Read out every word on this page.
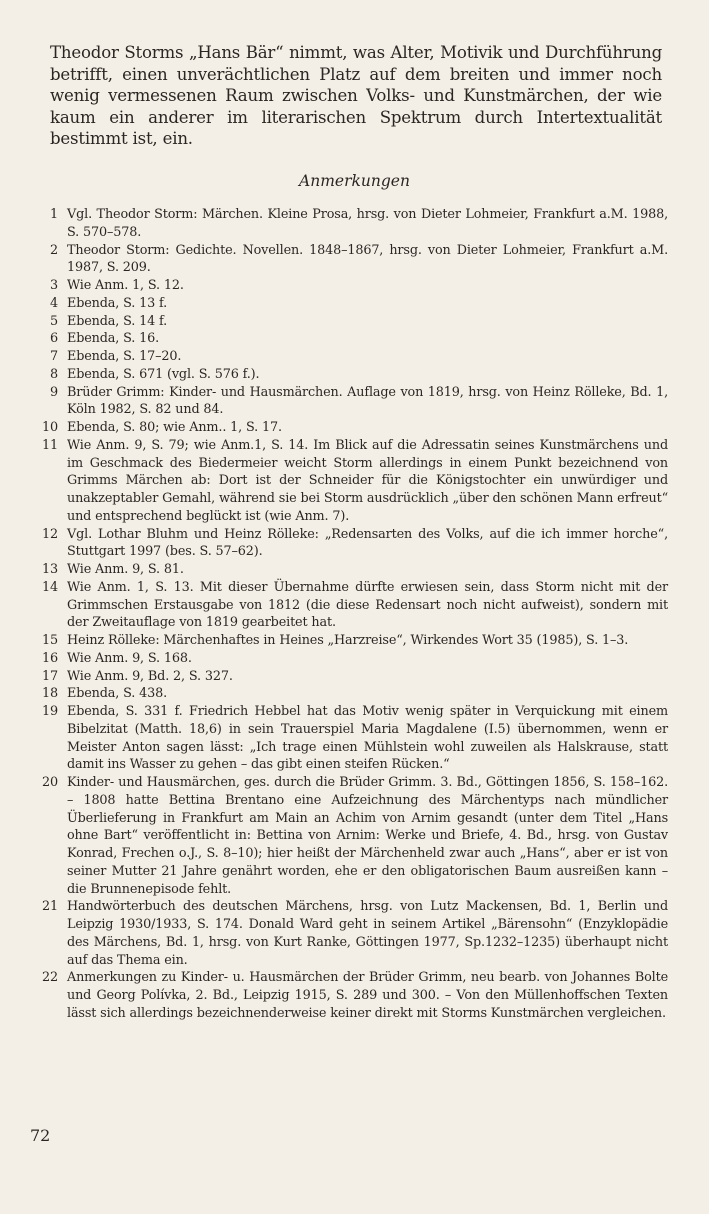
Theodor Storms „Hans Bär“ nimmt, was Alter, Motivik und Durchführung betrifft, einen unverächtlichen Platz auf dem breiten und immer noch wenig vermessenen Raum zwischen Volks- und Kunstmärchen, der wie kaum ein anderer im literarischen Spektrum durch Intertextualität bestimmt ist, ein.

Anmerkungen
1 Vgl. Theodor Storm: Märchen. Kleine Prosa, hrsg. von Dieter Lohmeier, Frankfurt a.M. 1988, S. 570–578.
2 Theodor Storm: Gedichte. Novellen. 1848–1867, hrsg. von Dieter Lohmeier, Frankfurt a.M. 1987, S. 209.
3 Wie Anm. 1, S. 12.
4 Ebenda, S. 13 f.
5 Ebenda, S. 14 f.
6 Ebenda, S. 16.
7 Ebenda, S. 17–20.
8 Ebenda, S. 671 (vgl. S. 576 f.).
9 Brüder Grimm: Kinder- und Hausmärchen. Auflage von 1819, hrsg. von Heinz Rölleke, Bd. 1, Köln 1982, S. 82 und 84.
10 Ebenda, S. 80; wie Anm.. 1, S. 17.
11 Wie Anm. 9, S. 79; wie Anm.1, S. 14. Im Blick auf die Adressatin seines Kunstmärchens und im Geschmack des Biedermeier weicht Storm allerdings in einem Punkt bezeichnend von Grimms Märchen ab: Dort ist der Schneider für die Königstochter ein unwürdiger und unakzeptabler Gemahl, während sie bei Storm ausdrücklich „über den schönen Mann erfreut“ und entsprechend beglückt ist (wie Anm. 7).
12 Vgl. Lothar Bluhm und Heinz Rölleke: „Redensarten des Volks, auf die ich immer horche“, Stuttgart 1997 (bes. S. 57–62).
13 Wie Anm. 9, S. 81.
14 Wie Anm. 1, S. 13. Mit dieser Übernahme dürfte erwiesen sein, dass Storm nicht mit der Grimmschen Erstausgabe von 1812 (die diese Redensart noch nicht aufweist), sondern mit der Zweitauflage von 1819 gearbeitet hat.
15 Heinz Rölleke: Märchenhaftes in Heines „Harzreise“, Wirkendes Wort 35 (1985), S. 1–3.
16 Wie Anm. 9, S. 168.
17 Wie Anm. 9, Bd. 2, S. 327.
18 Ebenda, S. 438.
19 Ebenda, S. 331 f. Friedrich Hebbel hat das Motiv wenig später in Verquickung mit einem Bibelzitat (Matth. 18,6) in sein Trauerspiel Maria Magdalene (I.5) übernommen, wenn er Meister Anton sagen lässt: „Ich trage einen Mühlstein wohl zuweilen als Halskrause, statt damit ins Wasser zu gehen – das gibt einen steifen Rücken.“
20 Kinder- und Hausmärchen, ges. durch die Brüder Grimm. 3. Bd., Göttingen 1856, S. 158–162. – 1808 hatte Bettina Brentano eine Aufzeichnung des Märchentyps nach mündlicher Überlieferung in Frankfurt am Main an Achim von Arnim gesandt (unter dem Titel „Hans ohne Bart“ veröffentlicht in: Bettina von Arnim: Werke und Briefe, 4. Bd., hrsg. von Gustav Konrad, Frechen o.J., S. 8–10); hier heißt der Märchenheld zwar auch „Hans“, aber er ist von seiner Mutter 21 Jahre genährt worden, ehe er den obligatorischen Baum ausreißen kann – die Brunnenepisode fehlt.
21 Handwörterbuch des deutschen Märchens, hrsg. von Lutz Mackensen, Bd. 1, Berlin und Leipzig 1930/1933, S. 174. Donald Ward geht in seinem Artikel „Bärensohn“ (Enzyklopädie des Märchens, Bd. 1, hrsg. von Kurt Ranke, Göttingen 1977, Sp.1232–1235) überhaupt nicht auf das Thema ein.
22 Anmerkungen zu Kinder- u. Hausmärchen der Brüder Grimm, neu bearb. von Johannes Bolte und Georg Polívka, 2. Bd., Leipzig 1915, S. 289 und 300. – Von den Müllenhoffschen Texten lässt sich allerdings bezeichnenderweise keiner direkt mit Storms Kunstmärchen vergleichen.
72
